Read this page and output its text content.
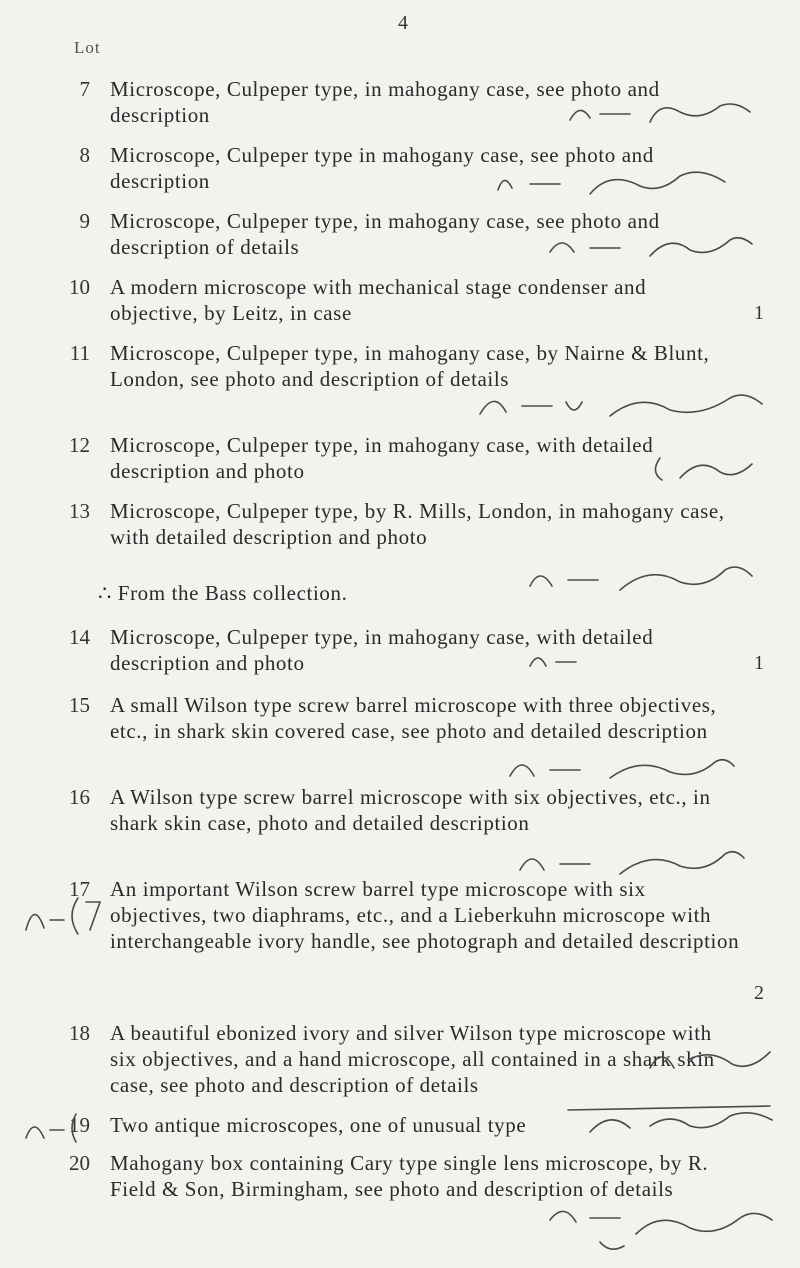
4
Lot
7 Microscope, Culpeper type, in mahogany case, see photo and description
8 Microscope, Culpeper type in mahogany case, see photo and description
9 Microscope, Culpeper type, in mahogany case, see photo and description of details
10 A modern microscope with mechanical stage condenser and objective, by Leitz, in case	1
11 Microscope, Culpeper type, in mahogany case, by Nairne & Blunt, London, see photo and description of details
12 Microscope, Culpeper type, in mahogany case, with detailed description and photo
13 Microscope, Culpeper type, by R. Mills, London, in mahogany case, with detailed description and photo
∴ From the Bass collection.
14 Microscope, Culpeper type, in mahogany case, with detailed description and photo	1
15 A small Wilson type screw barrel microscope with three objectives, etc., in shark skin covered case, see photo and detailed description
16 A Wilson type screw barrel microscope with six objectives, etc., in shark skin case, photo and detailed description
17 An important Wilson screw barrel type microscope with six objectives, two diaphrams, etc., and a Lieberkuhn microscope with interchangeable ivory handle, see photograph and detailed description
2
18 A beautiful ebonized ivory and silver Wilson type microscope with six objectives, and a hand microscope, all contained in a shark skin case, see photo and description of details
19 Two antique microscopes, one of unusual type
20 Mahogany box containing Cary type single lens microscope, by R. Field & Son, Birmingham, see photo and description of details
